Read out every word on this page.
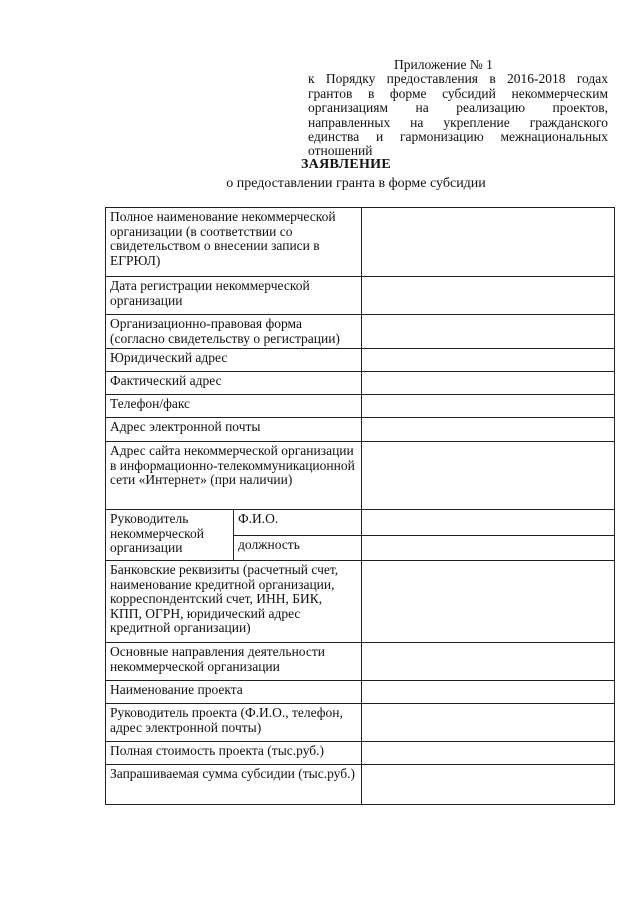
Приложение № 1
к Порядку предоставления в 2016-2018 годах грантов в форме субсидий некоммерческим организациям на реализацию проектов, направленных на укрепление гражданского единства и гармонизацию межнациональных отношений
ЗАЯВЛЕНИЕ
о предоставлении гранта в форме субсидии
Полное наименование некоммерческой организации (в соответствии со свидетельством о внесении записи в ЕГРЮЛ)		
Дата регистрации некоммерческой организации		
Организационно-правовая форма (согласно свидетельству о регистрации)		
Юридический адрес		
Фактический адрес		
Телефон/факс		
Адрес электронной почты		
Адрес сайта некоммерческой организации в информационно-телекоммуникационной сети «Интернет» (при наличии)		
Руководитель некоммерческой организации	Ф.И.О.
должность	

Банковские реквизиты (расчетный счет, наименование кредитной организации, корреспондентский счет, ИНН, БИК, КПП, ОГРН, юридический адрес кредитной организации)		
Основные направления деятельности некоммерческой организации		
Наименование проекта		
Руководитель проекта (Ф.И.О., телефон, адрес электронной почты)		
Полная стоимость проекта (тыс.руб.)		
Запрашиваемая сумма субсидии (тыс.руб.)		
